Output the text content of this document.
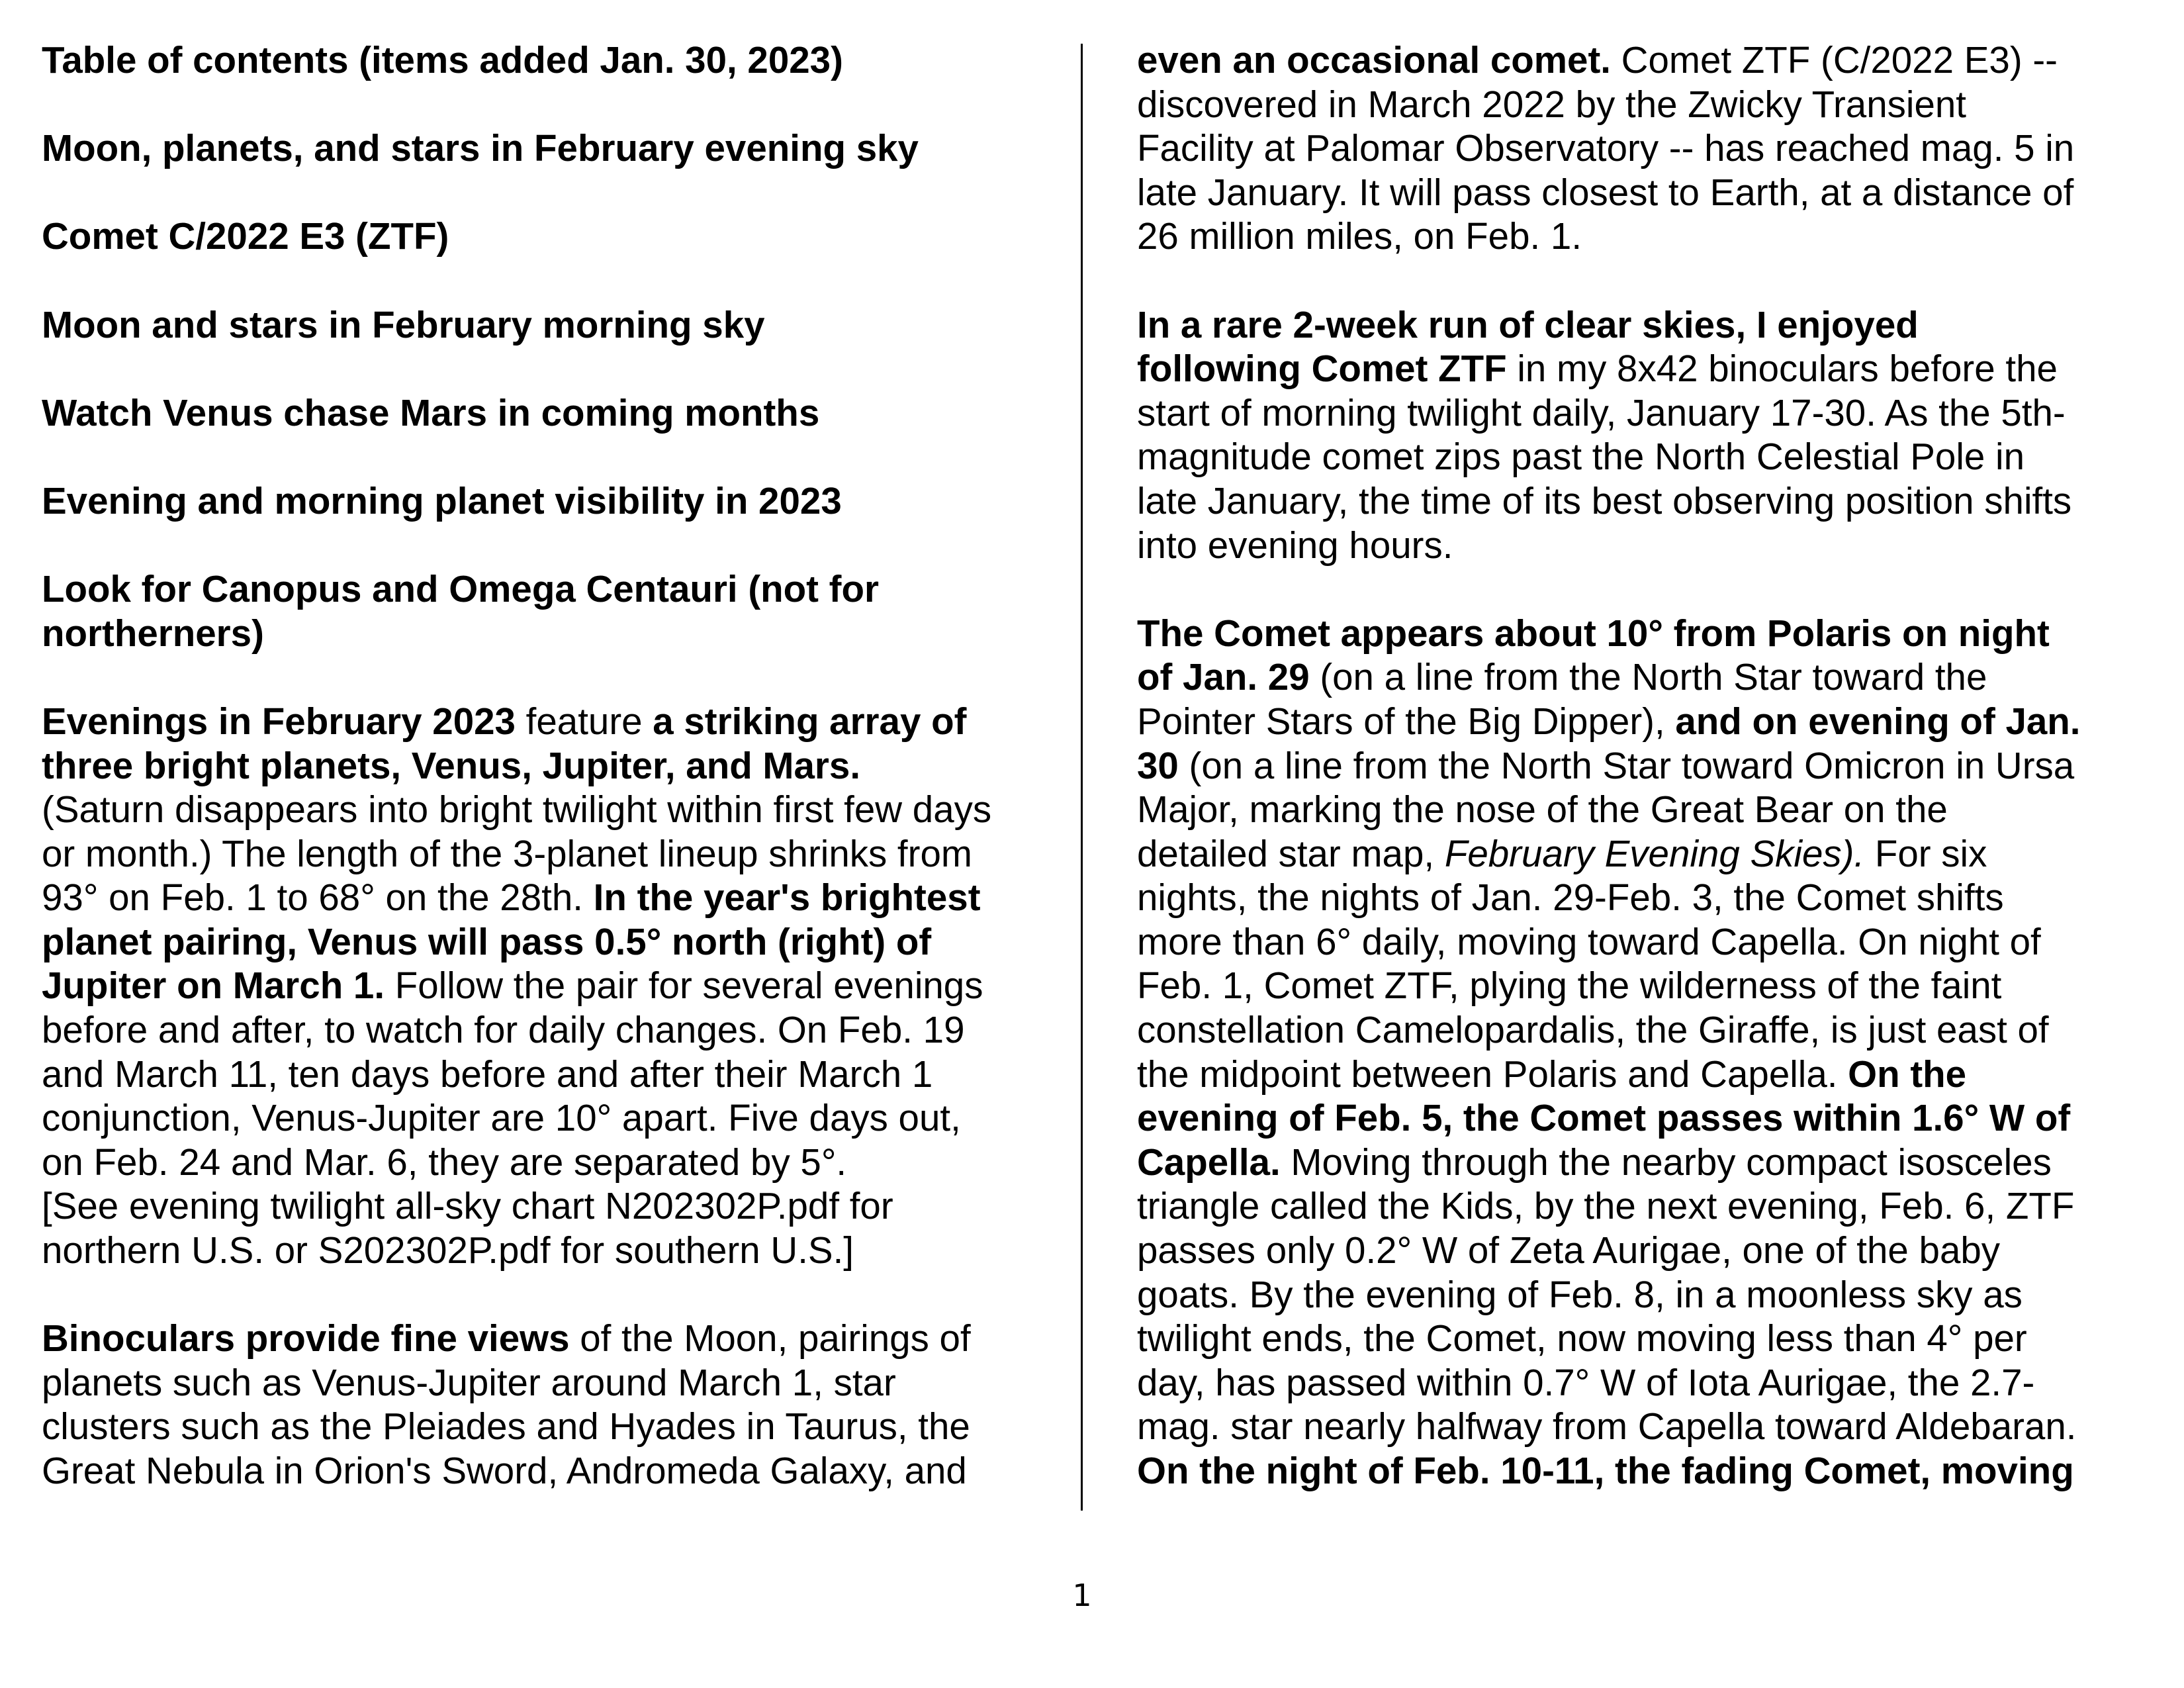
Table of contents (items added Jan. 30, 2023)

Moon, planets, and stars in February evening sky

Comet C/2022 E3 (ZTF)

Moon and stars in February morning sky

Watch Venus chase Mars in coming months

Evening and morning planet visibility in 2023

Look for Canopus and Omega Centauri (not for
northerners)

Evenings in February 2023 feature a striking array of
three bright planets, Venus, Jupiter, and Mars.
(Saturn disappears into bright twilight within first few days
or month.) The length of the 3-planet lineup shrinks from
93° on Feb. 1 to 68° on the 28th. In the year's brightest
planet pairing, Venus will pass 0.5° north (right) of
Jupiter on March 1. Follow the pair for several evenings
before and after, to watch for daily changes. On Feb. 19
and March 11, ten days before and after their March 1
conjunction, Venus-Jupiter are 10° apart. Five days out,
on Feb. 24 and Mar. 6, they are separated by 5°.
[See evening twilight all-sky chart N202302P.pdf for
northern U.S. or S202302P.pdf for southern U.S.]

Binoculars provide fine views of the Moon, pairings of
planets such as Venus-Jupiter around March 1, star
clusters such as the Pleiades and Hyades in Taurus, the
Great Nebula in Orion's Sword, Andromeda Galaxy, and

even an occasional comet. Comet ZTF (C/2022 E3) --
discovered in March 2022 by the Zwicky Transient
Facility at Palomar Observatory -- has reached mag. 5 in
late January. It will pass closest to Earth, at a distance of
26 million miles, on Feb. 1.

In a rare 2-week run of clear skies, I enjoyed
following Comet ZTF in my 8x42 binoculars before the
start of morning twilight daily, January 17-30. As the 5th-
magnitude comet zips past the North Celestial Pole in
late January, the time of its best observing position shifts
into evening hours.

The Comet appears about 10° from Polaris on night
of Jan. 29 (on a line from the North Star toward the
Pointer Stars of the Big Dipper), and on evening of Jan.
30 (on a line from the North Star toward Omicron in Ursa
Major, marking the nose of the Great Bear on the
detailed star map, February Evening Skies). For six
nights, the nights of Jan. 29-Feb. 3, the Comet shifts
more than 6° daily, moving toward Capella. On night of
Feb. 1, Comet ZTF, plying the wilderness of the faint
constellation Camelopardalis, the Giraffe, is just east of
the midpoint between Polaris and Capella. On the
evening of Feb. 5, the Comet passes within 1.6° W of
Capella. Moving through the nearby compact isosceles
triangle called the Kids, by the next evening, Feb. 6, ZTF
passes only 0.2° W of Zeta Aurigae, one of the baby
goats. By the evening of Feb. 8, in a moonless sky as
twilight ends, the Comet, now moving less than 4° per
day, has passed within 0.7° W of Iota Aurigae, the 2.7-
mag. star nearly halfway from Capella toward Aldebaran.
On the night of Feb. 10-11, the fading Comet, moving

1
